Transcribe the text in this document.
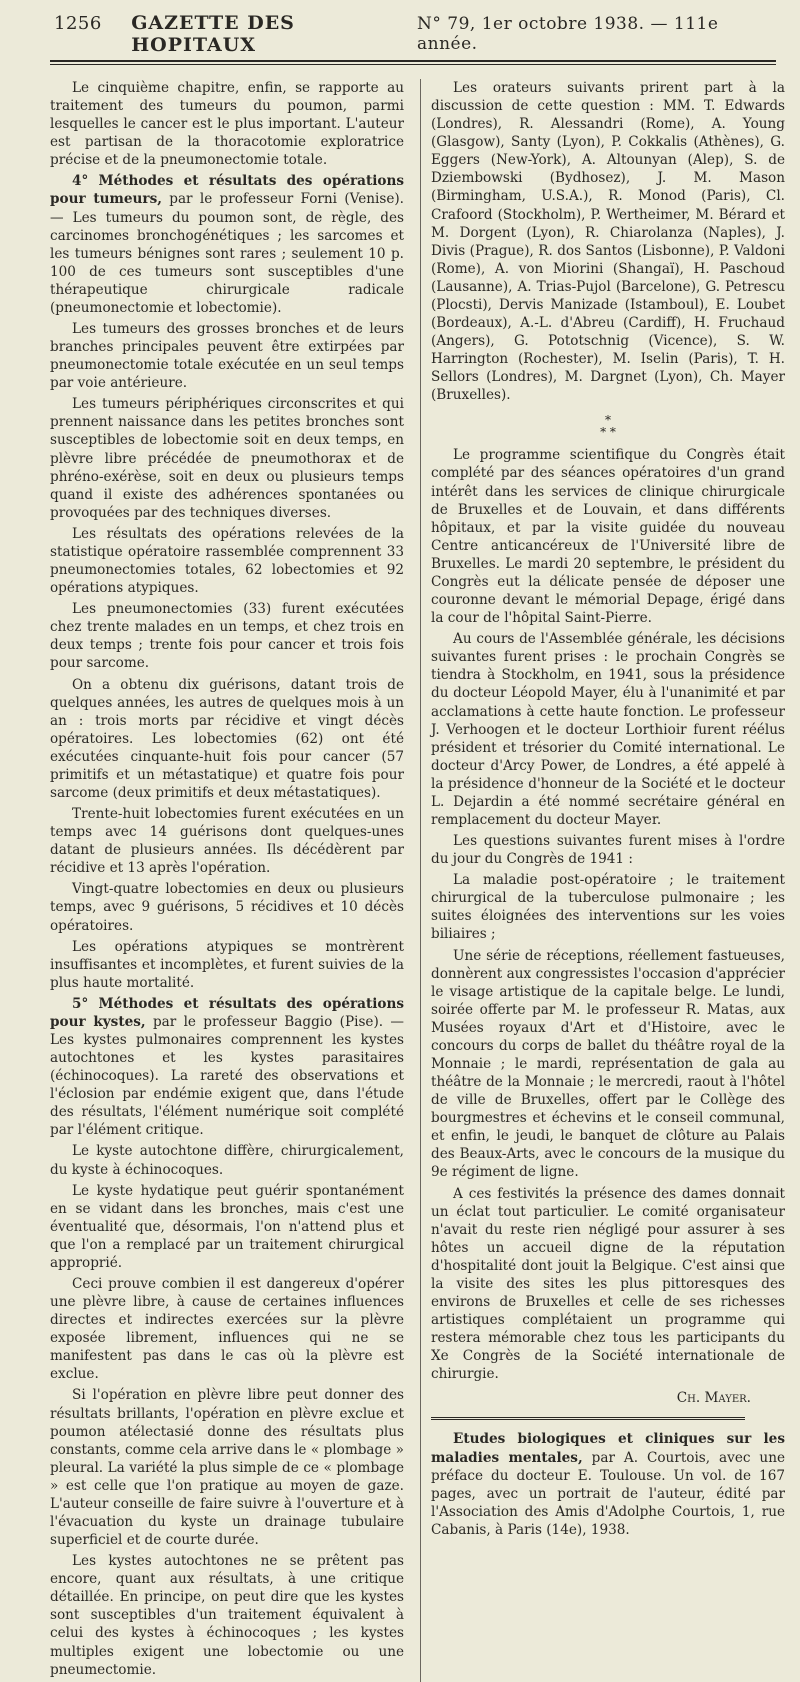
1256	GAZETTE DES HOPITAUX
N° 79, 1er octobre 1938. — 111e année.

Le cinquième chapitre, enfin, se rapporte au traitement des tumeurs du poumon, parmi lesquelles le cancer est le plus important. L'auteur est partisan de la thoracotomie exploratrice précise et de la pneumonectomie totale.

4° Méthodes et résultats des opérations pour tumeurs, par le professeur Forni (Venise). — Les tumeurs du poumon sont, de règle, des carcinomes bronchogénétiques ; les sarcomes et les tumeurs bénignes sont rares ; seulement 10 p. 100 de ces tumeurs sont susceptibles d'une thérapeutique chirurgicale radicale (pneumonectomie et lobectomie).

Les tumeurs des grosses bronches et de leurs branches principales peuvent être extirpées par pneumonectomie totale exécutée en un seul temps par voie antérieure.

Les tumeurs périphériques circonscrites et qui prennent naissance dans les petites bronches sont susceptibles de lobectomie soit en deux temps, en plèvre libre précédée de pneumothorax et de phréno-exérèse, soit en deux ou plusieurs temps quand il existe des adhérences spontanées ou provoquées par des techniques diverses.

Les résultats des opérations relevées de la statistique opératoire rassemblée comprennent 33 pneumonectomies totales, 62 lobectomies et 92 opérations atypiques.

Les pneumonectomies (33) furent exécutées chez trente malades en un temps, et chez trois en deux temps ; trente fois pour cancer et trois fois pour sarcome.

On a obtenu dix guérisons, datant trois de quelques années, les autres de quelques mois à un an : trois morts par récidive et vingt décès opératoires. Les lobectomies (62) ont été exécutées cinquante-huit fois pour cancer (57 primitifs et un métastatique) et quatre fois pour sarcome (deux primitifs et deux métastatiques).

Trente-huit lobectomies furent exécutées en un temps avec 14 guérisons dont quelques-unes datant de plusieurs années. Ils décédèrent par récidive et 13 après l'opération.

Vingt-quatre lobectomies en deux ou plusieurs temps, avec 9 guérisons, 5 récidives et 10 décès opératoires.

Les opérations atypiques se montrèrent insuffisantes et incomplètes, et furent suivies de la plus haute mortalité.

5° Méthodes et résultats des opérations pour kystes, par le professeur Baggio (Pise). — Les kystes pulmonaires comprennent les kystes autochtones et les kystes parasitaires (échinocoques). La rareté des observations et l'éclosion par endémie exigent que, dans l'étude des résultats, l'élément numérique soit complété par l'élément critique.

Le kyste autochtone diffère, chirurgicalement, du kyste à échinocoques.

Le kyste hydatique peut guérir spontanément en se vidant dans les bronches, mais c'est une éventualité que, désormais, l'on n'attend plus et que l'on a remplacé par un traitement chirurgical approprié.

Ceci prouve combien il est dangereux d'opérer une plèvre libre, à cause de certaines influences directes et indirectes exercées sur la plèvre exposée librement, influences qui ne se manifestent pas dans le cas où la plèvre est exclue.

Si l'opération en plèvre libre peut donner des résultats brillants, l'opération en plèvre exclue et poumon atélectasié donne des résultats plus constants, comme cela arrive dans le « plombage » pleural. La variété la plus simple de ce « plombage » est celle que l'on pratique au moyen de gaze. L'auteur conseille de faire suivre à l'ouverture et à l'évacuation du kyste un drainage tubulaire superficiel et de courte durée.

Les kystes autochtones ne se prêtent pas encore, quant aux résultats, à une critique détaillée. En principe, on peut dire que les kystes sont susceptibles d'un traitement équivalent à celui des kystes à échinocoques ; les kystes multiples exigent une lobectomie ou une pneumectomie.

Les orateurs suivants prirent part à la discussion de cette question : MM. T. Edwards (Londres), R. Alessandri (Rome), A. Young (Glasgow), Santy (Lyon), P. Cokkalis (Athènes), G. Eggers (New-York), A. Altounyan (Alep), S. de Dziembowski (Bydhosez), J. M. Mason (Birmingham, U.S.A.), R. Monod (Paris), Cl. Crafoord (Stockholm), P. Wertheimer, M. Bérard et M. Dorgent (Lyon), R. Chiarolanza (Naples), J. Divis (Prague), R. dos Santos (Lisbonne), P. Valdoni (Rome), A. von Miorini (Shangaï), H. Paschoud (Lausanne), A. Trias-Pujol (Barcelone), G. Petrescu (Plocsti), Dervis Manizade (Istamboul), E. Loubet (Bordeaux), A.-L. d'Abreu (Cardiff), H. Fruchaud (Angers), G. Pototschnig (Vicence), S. W. Harrington (Rochester), M. Iselin (Paris), T. H. Sellors (Londres), M. Dargnet (Lyon), Ch. Mayer (Bruxelles).

*
* *

Le programme scientifique du Congrès était complété par des séances opératoires d'un grand intérêt dans les services de clinique chirurgicale de Bruxelles et de Louvain, et dans différents hôpitaux, et par la visite guidée du nouveau Centre anticancéreux de l'Université libre de Bruxelles. Le mardi 20 septembre, le président du Congrès eut la délicate pensée de déposer une couronne devant le mémorial Depage, érigé dans la cour de l'hôpital Saint-Pierre.

Au cours de l'Assemblée générale, les décisions suivantes furent prises : le prochain Congrès se tiendra à Stockholm, en 1941, sous la présidence du docteur Léopold Mayer, élu à l'unanimité et par acclamations à cette haute fonction. Le professeur J. Verhoogen et le docteur Lorthioir furent réélus président et trésorier du Comité international. Le docteur d'Arcy Power, de Londres, a été appelé à la présidence d'honneur de la Société et le docteur L. Dejardin a été nommé secrétaire général en remplacement du docteur Mayer.

Les questions suivantes furent mises à l'ordre du jour du Congrès de 1941 :

La maladie post-opératoire ; le traitement chirurgical de la tuberculose pulmonaire ; les suites éloignées des interventions sur les voies biliaires ;

Une série de réceptions, réellement fastueuses, donnèrent aux congressistes l'occasion d'apprécier le visage artistique de la capitale belge. Le lundi, soirée offerte par M. le professeur R. Matas, aux Musées royaux d'Art et d'Histoire, avec le concours du corps de ballet du théâtre royal de la Monnaie ; le mardi, représentation de gala au théâtre de la Monnaie ; le mercredi, raout à l'hôtel de ville de Bruxelles, offert par le Collège des bourgmestres et échevins et le conseil communal, et enfin, le jeudi, le banquet de clôture au Palais des Beaux-Arts, avec le concours de la musique du 9e régiment de ligne.

A ces festivités la présence des dames donnait un éclat tout particulier. Le comité organisateur n'avait du reste rien négligé pour assurer à ses hôtes un accueil digne de la réputation d'hospitalité dont jouit la Belgique. C'est ainsi que la visite des sites les plus pittoresques des environs de Bruxelles et celle de ses richesses artistiques complétaient un programme qui restera mémorable chez tous les participants du Xe Congrès de la Société internationale de chirurgie.

Ch. Mayer.

Etudes biologiques et cliniques sur les maladies mentales, par A. Courtois, avec une préface du docteur E. Toulouse. Un vol. de 167 pages, avec un portrait de l'auteur, édité par l'Association des Amis d'Adolphe Courtois, 1, rue Cabanis, à Paris (14e), 1938.
